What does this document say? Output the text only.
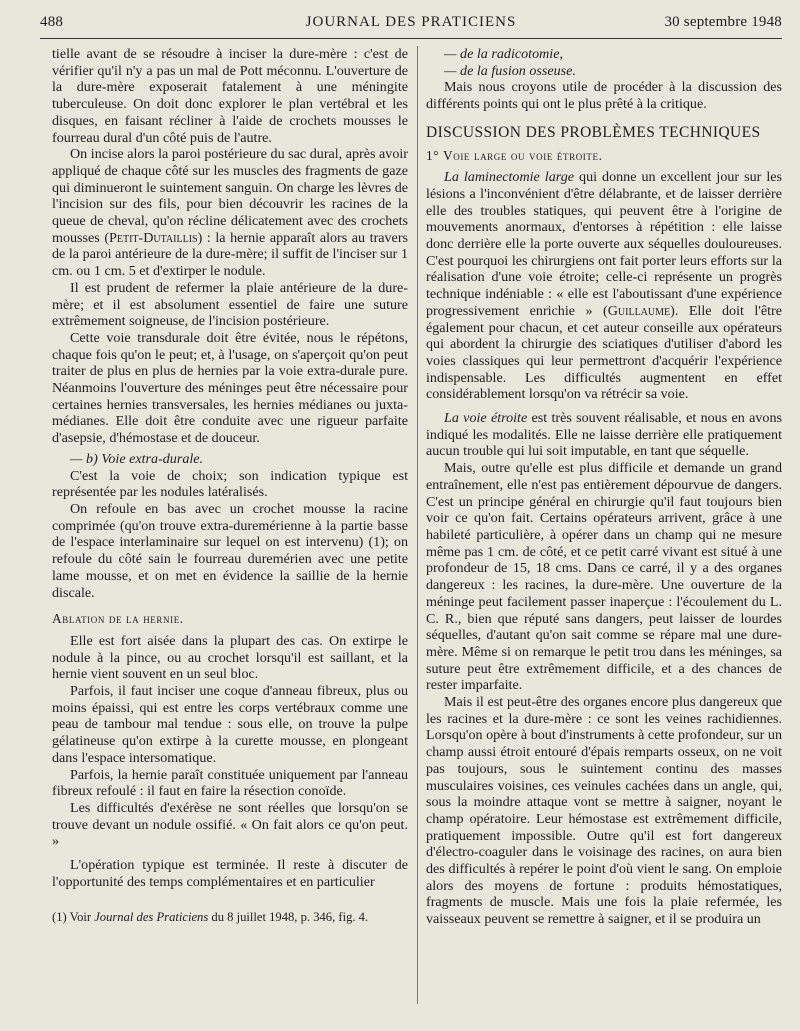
488	JOURNAL DES PRATICIENS	30 septembre 1948

tielle avant de se résoudre à inciser la dure-mère : c'est de vérifier qu'il n'y a pas un mal de Pott méconnu. L'ouverture de la dure-mère exposerait fatalement à une méningite tuberculeuse. On doit donc explorer le plan vertébral et les disques, en faisant récliner à l'aide de crochets mousses le fourreau dural d'un côté puis de l'autre.

On incise alors la paroi postérieure du sac dural, après avoir appliqué de chaque côté sur les muscles des fragments de gaze qui diminueront le suintement sanguin. On charge les lèvres de l'incision sur des fils, pour bien découvrir les racines de la queue de cheval, qu'on récline délicatement avec des crochets mousses (Petit-Dutaillis) : la hernie apparaît alors au travers de la paroi antérieure de la dure-mère; il suffit de l'inciser sur 1 cm. ou 1 cm. 5 et d'extirper le nodule.

Il est prudent de refermer la plaie antérieure de la dure-mère; et il est absolument essentiel de faire une suture extrêmement soigneuse, de l'incision postérieure.

Cette voie transdurale doit être évitée, nous le répétons, chaque fois qu'on le peut; et, à l'usage, on s'aperçoit qu'on peut traiter de plus en plus de hernies par la voie extra-durale pure. Néanmoins l'ouverture des méninges peut être nécessaire pour certaines hernies transversales, les hernies médianes ou juxta-médianes. Elle doit être conduite avec une rigueur parfaite d'asepsie, d'hémostase et de douceur.

— b) Voie extra-durale.

C'est la voie de choix; son indication typique est représentée par les nodules latéralisés.

On refoule en bas avec un crochet mousse la racine comprimée (qu'on trouve extra-duremérienne à la partie basse de l'espace interlaminaire sur lequel on est intervenu) (1); on refoule du côté sain le fourreau duremérien avec une petite lame mousse, et on met en évidence la saillie de la hernie discale.

Ablation de la hernie.

Elle est fort aisée dans la plupart des cas. On extirpe le nodule à la pince, ou au crochet lorsqu'il est saillant, et la hernie vient souvent en un seul bloc.

Parfois, il faut inciser une coque d'anneau fibreux, plus ou moins épaissi, qui est entre les corps vertébraux comme une peau de tambour mal tendue : sous elle, on trouve la pulpe gélatineuse qu'on extirpe à la curette mousse, en plongeant dans l'espace intersomatique.

Parfois, la hernie paraît constituée uniquement par l'anneau fibreux refoulé : il faut en faire la résection conoïde.

Les difficultés d'exérèse ne sont réelles que lorsqu'on se trouve devant un nodule ossifié. « On fait alors ce qu'on peut. »

L'opération typique est terminée. Il reste à discuter de l'opportunité des temps complémentaires et en particulier

(1) Voir Journal des Praticiens du 8 juillet 1948, p. 346, fig. 4.

— de la radicotomie,

— de la fusion osseuse.

Mais nous croyons utile de procéder à la discussion des différents points qui ont le plus prêté à la critique.

DISCUSSION DES PROBLÈMES TECHNIQUES

1° Voie large ou voie étroite.

La laminectomie large qui donne un excellent jour sur les lésions a l'inconvénient d'être délabrante, et de laisser derrière elle des troubles statiques, qui peuvent être à l'origine de mouvements anormaux, d'entorses à répétition : elle laisse donc derrière elle la porte ouverte aux séquelles douloureuses. C'est pourquoi les chirurgiens ont fait porter leurs efforts sur la réalisation d'une voie étroite; celle-ci représente un progrès technique indéniable : « elle est l'aboutissant d'une expérience progressivement enrichie » (Guillaume). Elle doit l'être également pour chacun, et cet auteur conseille aux opérateurs qui abordent la chirurgie des sciatiques d'utiliser d'abord les voies classiques qui leur permettront d'acquérir l'expérience indispensable. Les difficultés augmentent en effet considérablement lorsqu'on va rétrécir sa voie.

La voie étroite est très souvent réalisable, et nous en avons indiqué les modalités. Elle ne laisse derrière elle pratiquement aucun trouble qui lui soit imputable, en tant que séquelle.

Mais, outre qu'elle est plus difficile et demande un grand entraînement, elle n'est pas entièrement dépourvue de dangers. C'est un principe général en chirurgie qu'il faut toujours bien voir ce qu'on fait. Certains opérateurs arrivent, grâce à une habileté particulière, à opérer dans un champ qui ne mesure même pas 1 cm. de côté, et ce petit carré vivant est situé à une profondeur de 15, 18 cms. Dans ce carré, il y a des organes dangereux : les racines, la dure-mère. Une ouverture de la méninge peut facilement passer inaperçue : l'écoulement du L. C. R., bien que réputé sans dangers, peut laisser de lourdes séquelles, d'autant qu'on sait comme se répare mal une dure-mère. Même si on remarque le petit trou dans les méninges, sa suture peut être extrêmement difficile, et a des chances de rester imparfaite.

Mais il est peut-être des organes encore plus dangereux que les racines et la dure-mère : ce sont les veines rachidiennes. Lorsqu'on opère à bout d'instruments à cette profondeur, sur un champ aussi étroit entouré d'épais remparts osseux, on ne voit pas toujours, sous le suintement continu des masses musculaires voisines, ces veinules cachées dans un angle, qui, sous la moindre attaque vont se mettre à saigner, noyant le champ opératoire. Leur hémostase est extrêmement difficile, pratiquement impossible. Outre qu'il est fort dangereux d'électro-coaguler dans le voisinage des racines, on aura bien des difficultés à repérer le point d'où vient le sang. On emploie alors des moyens de fortune : produits hémostatiques, fragments de muscle. Mais une fois la plaie refermée, les vaisseaux peuvent se remettre à saigner, et il se produira un
